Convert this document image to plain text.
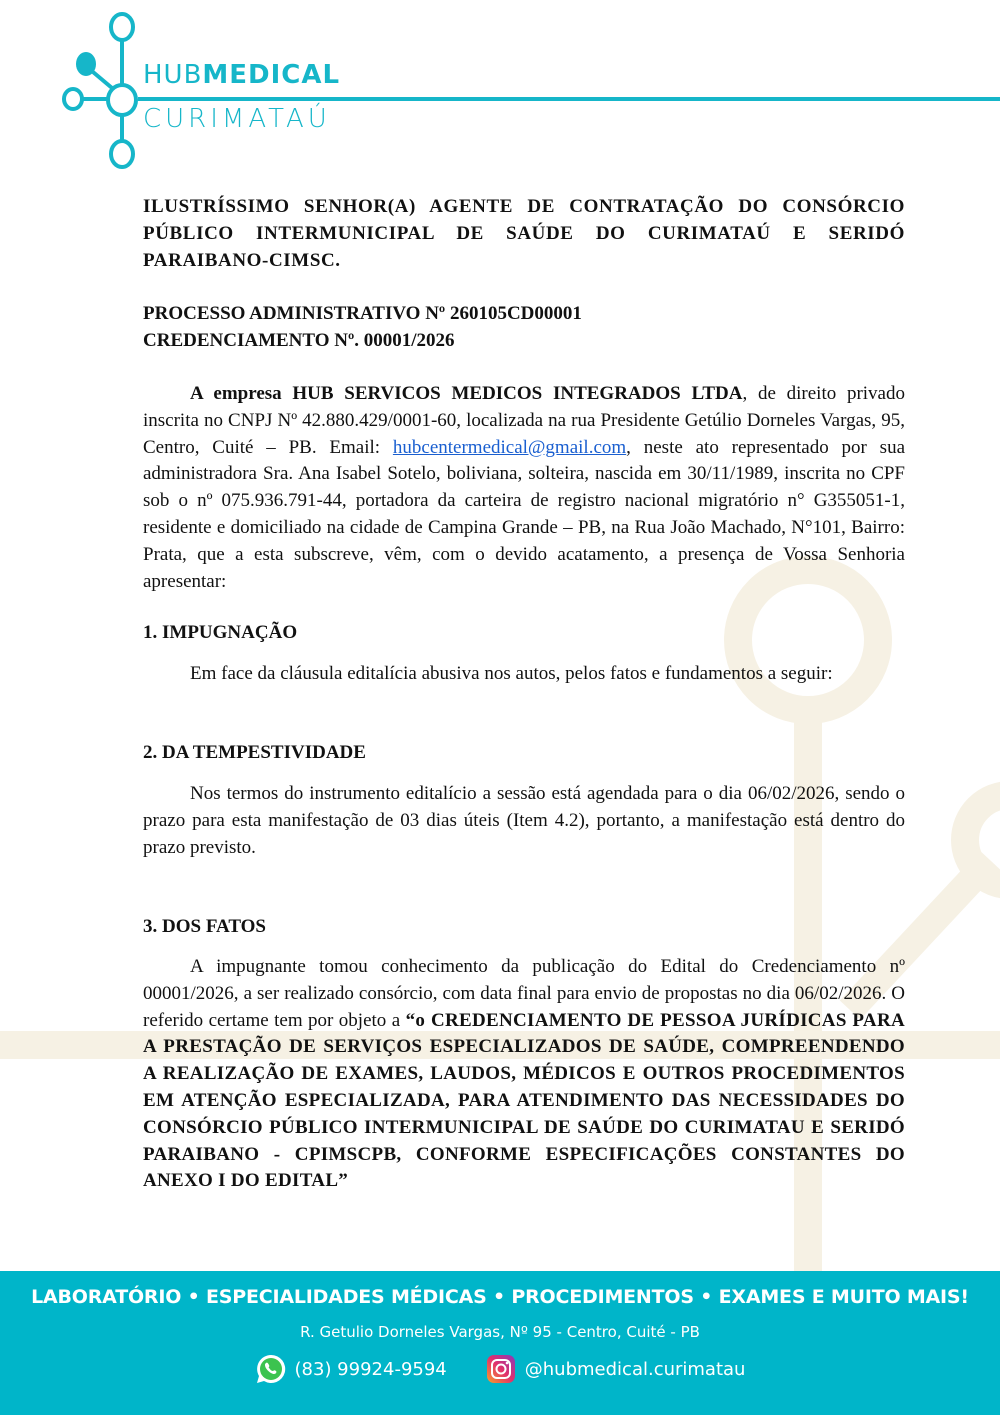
HUBMEDICAL
CURIMATAÚ
ILUSTRÍSSIMO SENHOR(A) AGENTE DE CONTRATAÇÃO DO CONSÓRCIO PÚBLICO INTERMUNICIPAL DE SAÚDE DO CURIMATAÚ E SERIDÓ PARAIBANO-CIMSC.
PROCESSO ADMINISTRATIVO Nº 260105CD00001
CREDENCIAMENTO Nº. 00001/2026
A empresa HUB SERVICOS MEDICOS INTEGRADOS LTDA, de direito privado inscrita no CNPJ Nº 42.880.429/0001-60, localizada na rua Presidente Getúlio Dorneles Vargas, 95, Centro, Cuité – PB. Email: hubcentermedical@gmail.com, neste ato representado por sua administradora Sra. Ana Isabel Sotelo, boliviana, solteira, nascida em 30/11/1989, inscrita no CPF sob o nº 075.936.791-44, portadora da carteira de registro nacional migratório n° G355051-1, residente e domiciliado na cidade de Campina Grande – PB, na Rua João Machado, N°101, Bairro: Prata, que a esta subscreve, vêm, com o devido acatamento, a presença de Vossa Senhoria apresentar:
1. IMPUGNAÇÃO
Em face da cláusula editalícia abusiva nos autos, pelos fatos e fundamentos a seguir:
2. DA TEMPESTIVIDADE
Nos termos do instrumento editalício a sessão está agendada para o dia 06/02/2026, sendo o prazo para esta manifestação de 03 dias úteis (Item 4.2), portanto, a manifestação está dentro do prazo previsto.
3. DOS FATOS
A impugnante tomou conhecimento da publicação do Edital do Credenciamento nº 00001/2026, a ser realizado consórcio, com data final para envio de propostas no dia 06/02/2026. O referido certame tem por objeto a “o CREDENCIAMENTO DE PESSOA JURÍDICAS PARA A PRESTAÇÃO DE SERVIÇOS ESPECIALIZADOS DE SAÚDE, COMPREENDENDO A REALIZAÇÃO DE EXAMES, LAUDOS, MÉDICOS E OUTROS PROCEDIMENTOS EM ATENÇÃO ESPECIALIZADA, PARA ATENDIMENTO DAS NECESSIDADES DO CONSÓRCIO PÚBLICO INTERMUNICIPAL DE SAÚDE DO CURIMATAU E SERIDÓ PARAIBANO - CPIMSCPB, CONFORME ESPECIFICAÇÕES CONSTANTES DO ANEXO I DO EDITAL”
LABORATÓRIO • ESPECIALIDADES MÉDICAS • PROCEDIMENTOS • EXAMES E MUITO MAIS!
R. Getulio Dorneles Vargas, Nº 95 - Centro, Cuité - PB
(83) 99924-9594	@hubmedical.curimatau
